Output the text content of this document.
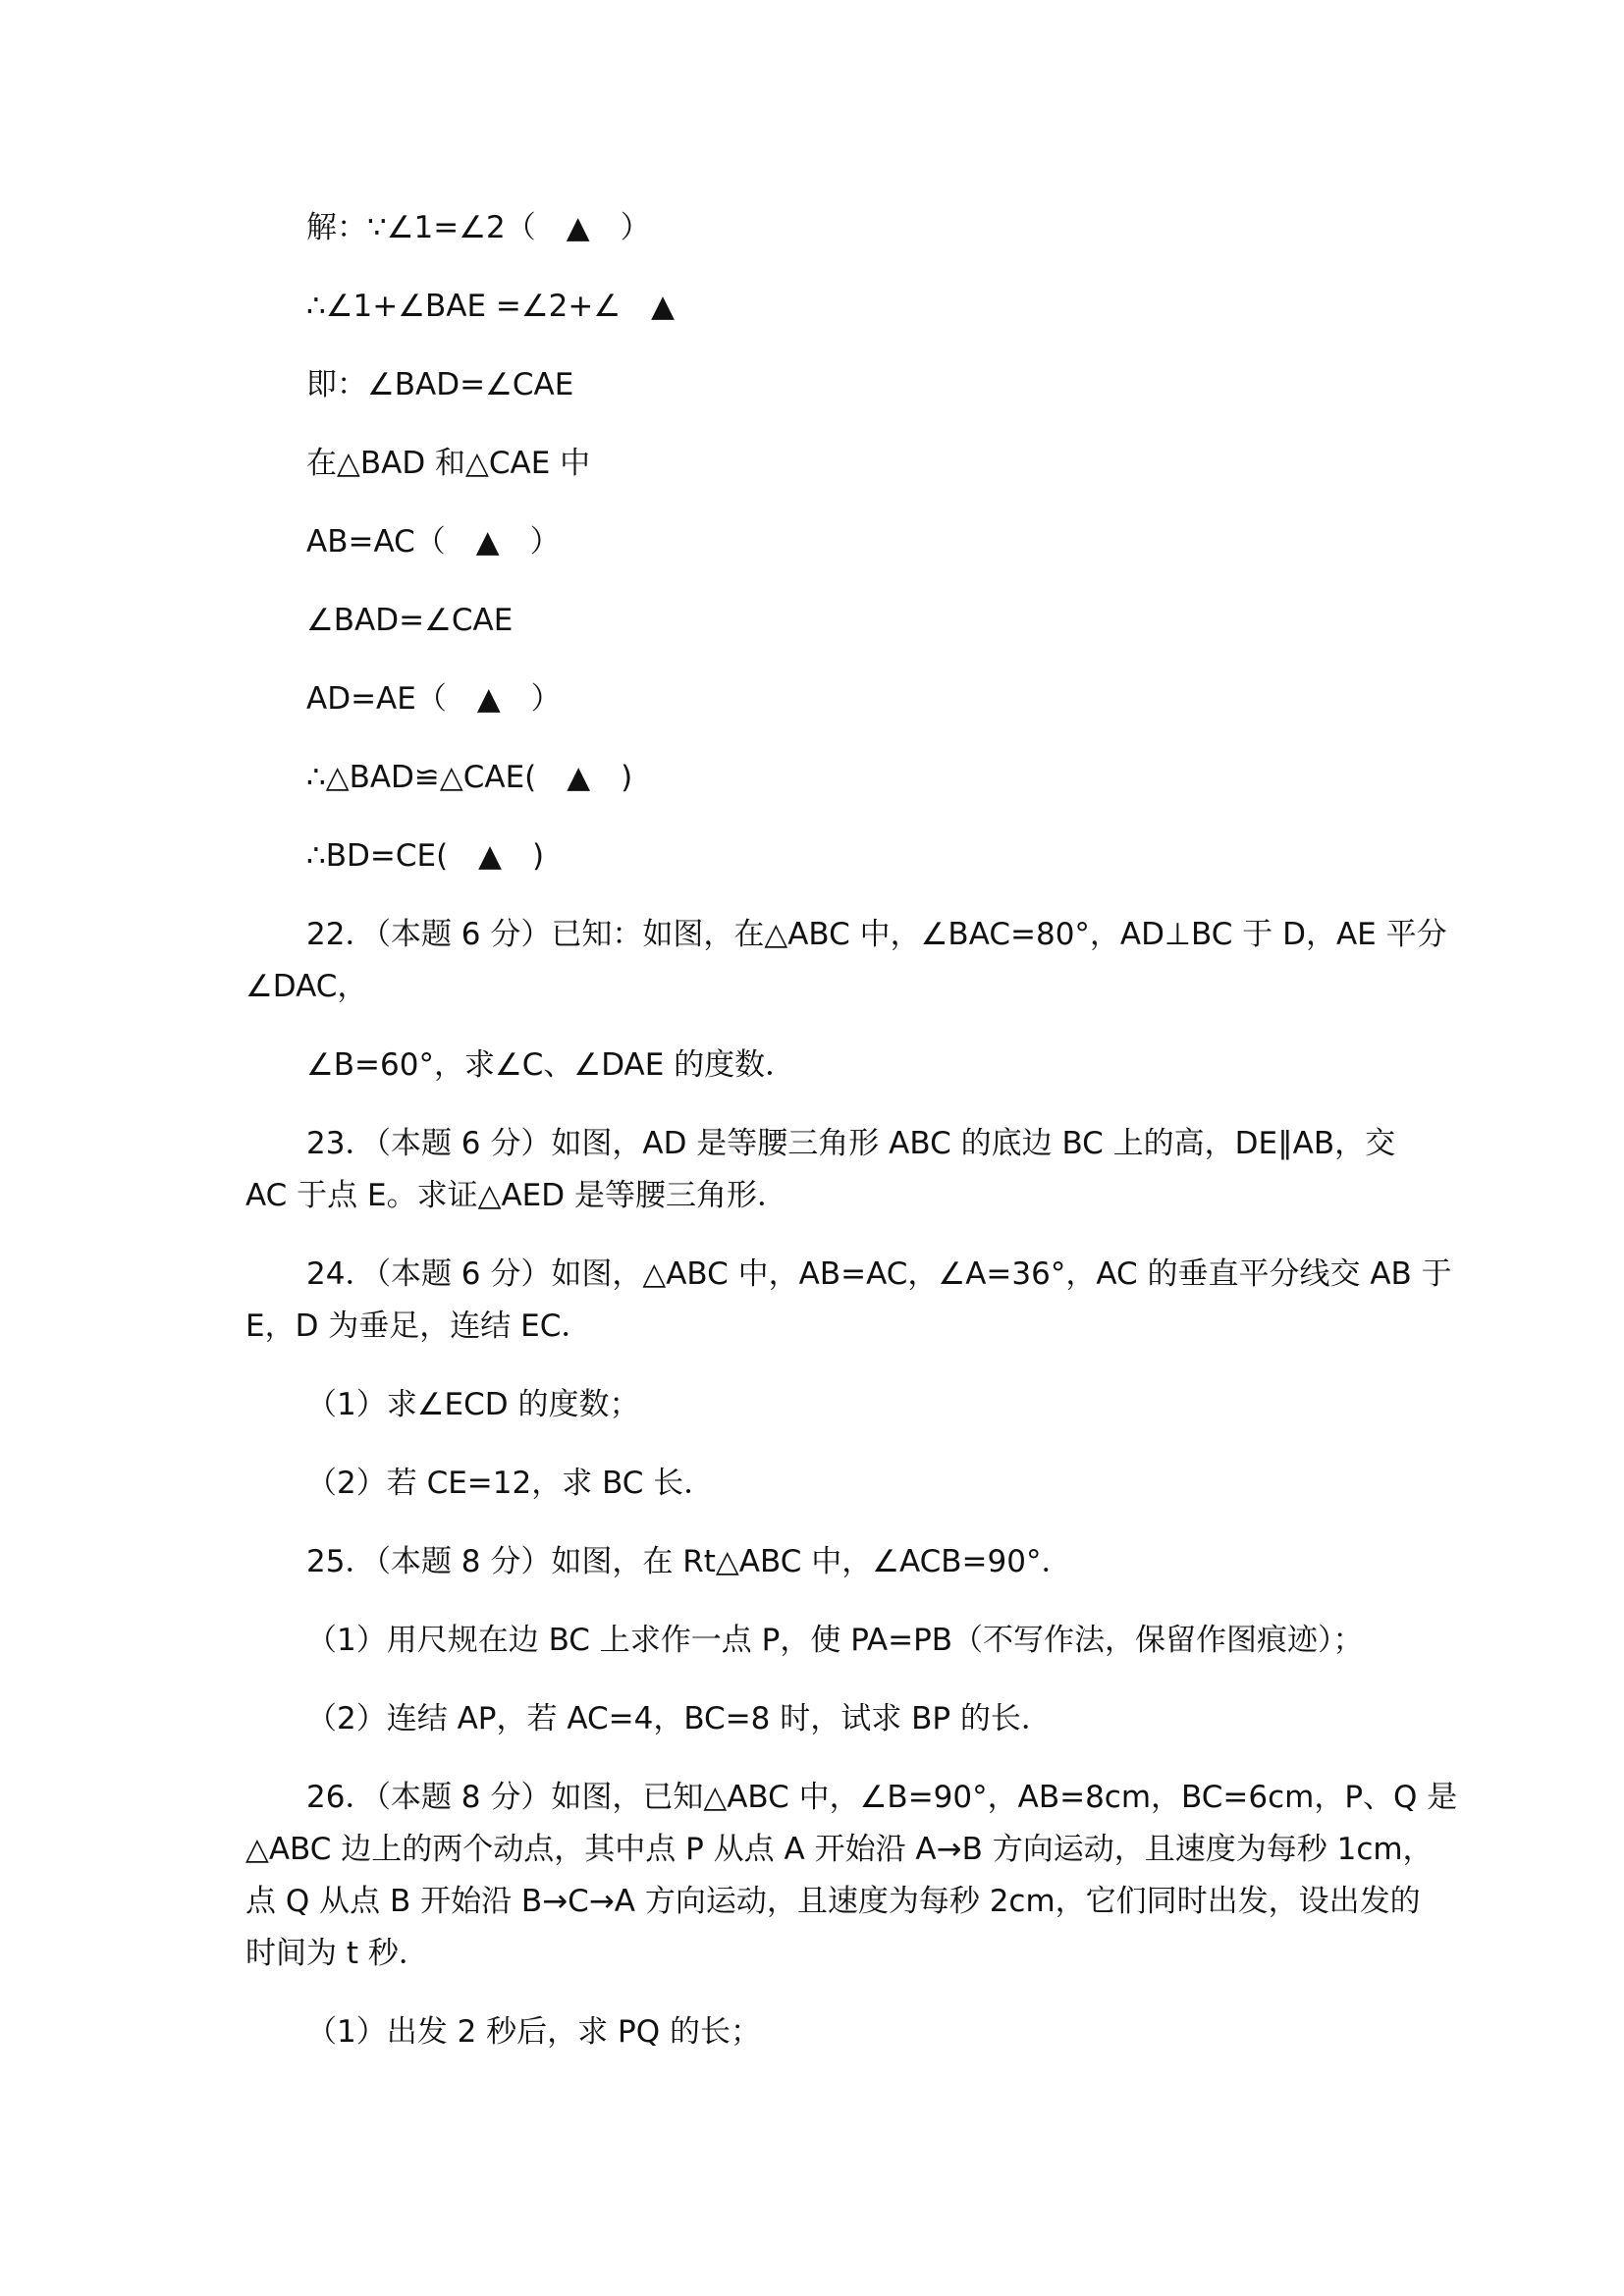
解：∵∠1=∠2（　▲　）
∴∠1+∠BAE =∠2+∠　▲
即：∠BAD=∠CAE
在△BAD 和△CAE 中
AB=AC（　▲　）
∠BAD=∠CAE
AD=AE（　▲　）
∴△BAD≌△CAE(　▲　)
∴BD=CE(　▲　)
22．（本题 6 分）已知：如图，在△ABC 中，∠BAC=80°，AD⊥BC 于 D，AE 平分
∠DAC，
∠B=60°，求∠C、∠DAE 的度数．
23．（本题 6 分）如图，AD 是等腰三角形 ABC 的底边 BC 上的高，DE∥AB，交
AC 于点 E。求证△AED 是等腰三角形．
24．（本题 6 分）如图，△ABC 中，AB=AC，∠A=36°，AC 的垂直平分线交 AB 于
E，D 为垂足，连结 EC．
（1）求∠ECD 的度数；
（2）若 CE=12，求 BC 长．
25．（本题 8 分）如图，在 Rt△ABC 中，∠ACB=90°．
（1）用尺规在边 BC 上求作一点 P，使 PA=PB（不写作法，保留作图痕迹）；
（2）连结 AP，若 AC=4，BC=8 时，试求 BP 的长．
26．（本题 8 分）如图，已知△ABC 中，∠B=90°，AB=8cm，BC=6cm，P、Q 是
△ABC 边上的两个动点，其中点 P 从点 A 开始沿 A→B 方向运动，且速度为每秒 1cm，
点 Q 从点 B 开始沿 B→C→A 方向运动，且速度为每秒 2cm，它们同时出发，设出发的
时间为 t 秒．
（1）出发 2 秒后，求 PQ 的长；
